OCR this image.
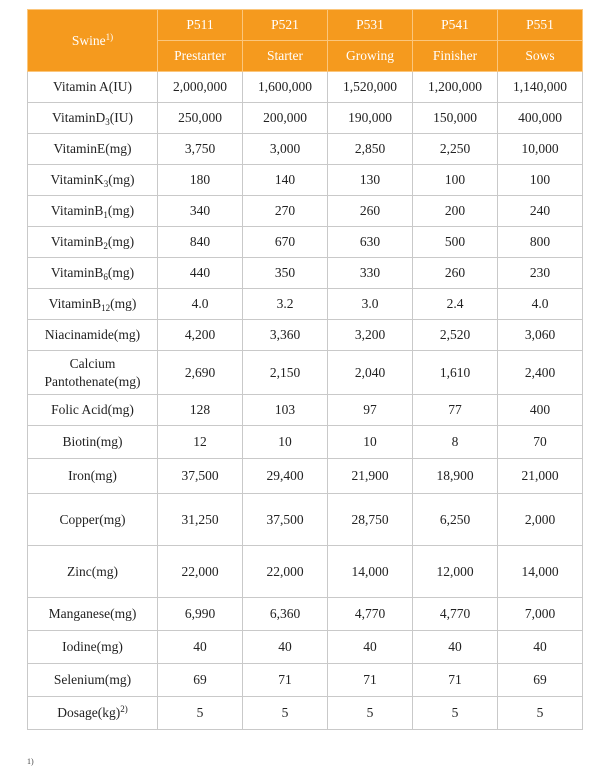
Swine$^{1)}$	P511	P521	P531	P541	P551
	Prestarter	Starter	Growing	Finisher	Sows
Vitamin A(IU)	2,000,000	1,600,000	1,520,000	1,200,000	1,140,000
VitaminD$_3$(IU)	250,000	200,000	190,000	150,000	400,000
VitaminE(mg)	3,750	3,000	2,850	2,250	10,000
VitaminK$_3$(mg)	180	140	130	100	100
VitaminB$_1$(mg)	340	270	260	200	240
VitaminB$_2$(mg)	840	670	630	500	800
VitaminB$_6$(mg)	440	350	330	260	230
VitaminB$_{12}$(mg)	4.0	3.2	3.0	2.4	4.0
Niacinamide(mg)	4,200	3,360	3,200	2,520	3,060
Calcium Pantothenate(mg)	2,690	2,150	2,040	1,610	2,400
Folic Acid(mg)	128	103	97	77	400
Biotin(mg)	12	10	10	8	70
Iron(mg)	37,500	29,400	21,900	18,900	21,000
Copper(mg)	31,250	37,500	28,750	6,250	2,000
Zinc(mg)	22,000	22,000	14,000	12,000	14,000
Manganese(mg)	6,990	6,360	4,770	4,770	7,000
Iodine(mg)	40	40	40	40	40
Selenium(mg)	69	71	71	71	69
Dosage(kg)$^{2)}$	5	5	5	5	5
1)
